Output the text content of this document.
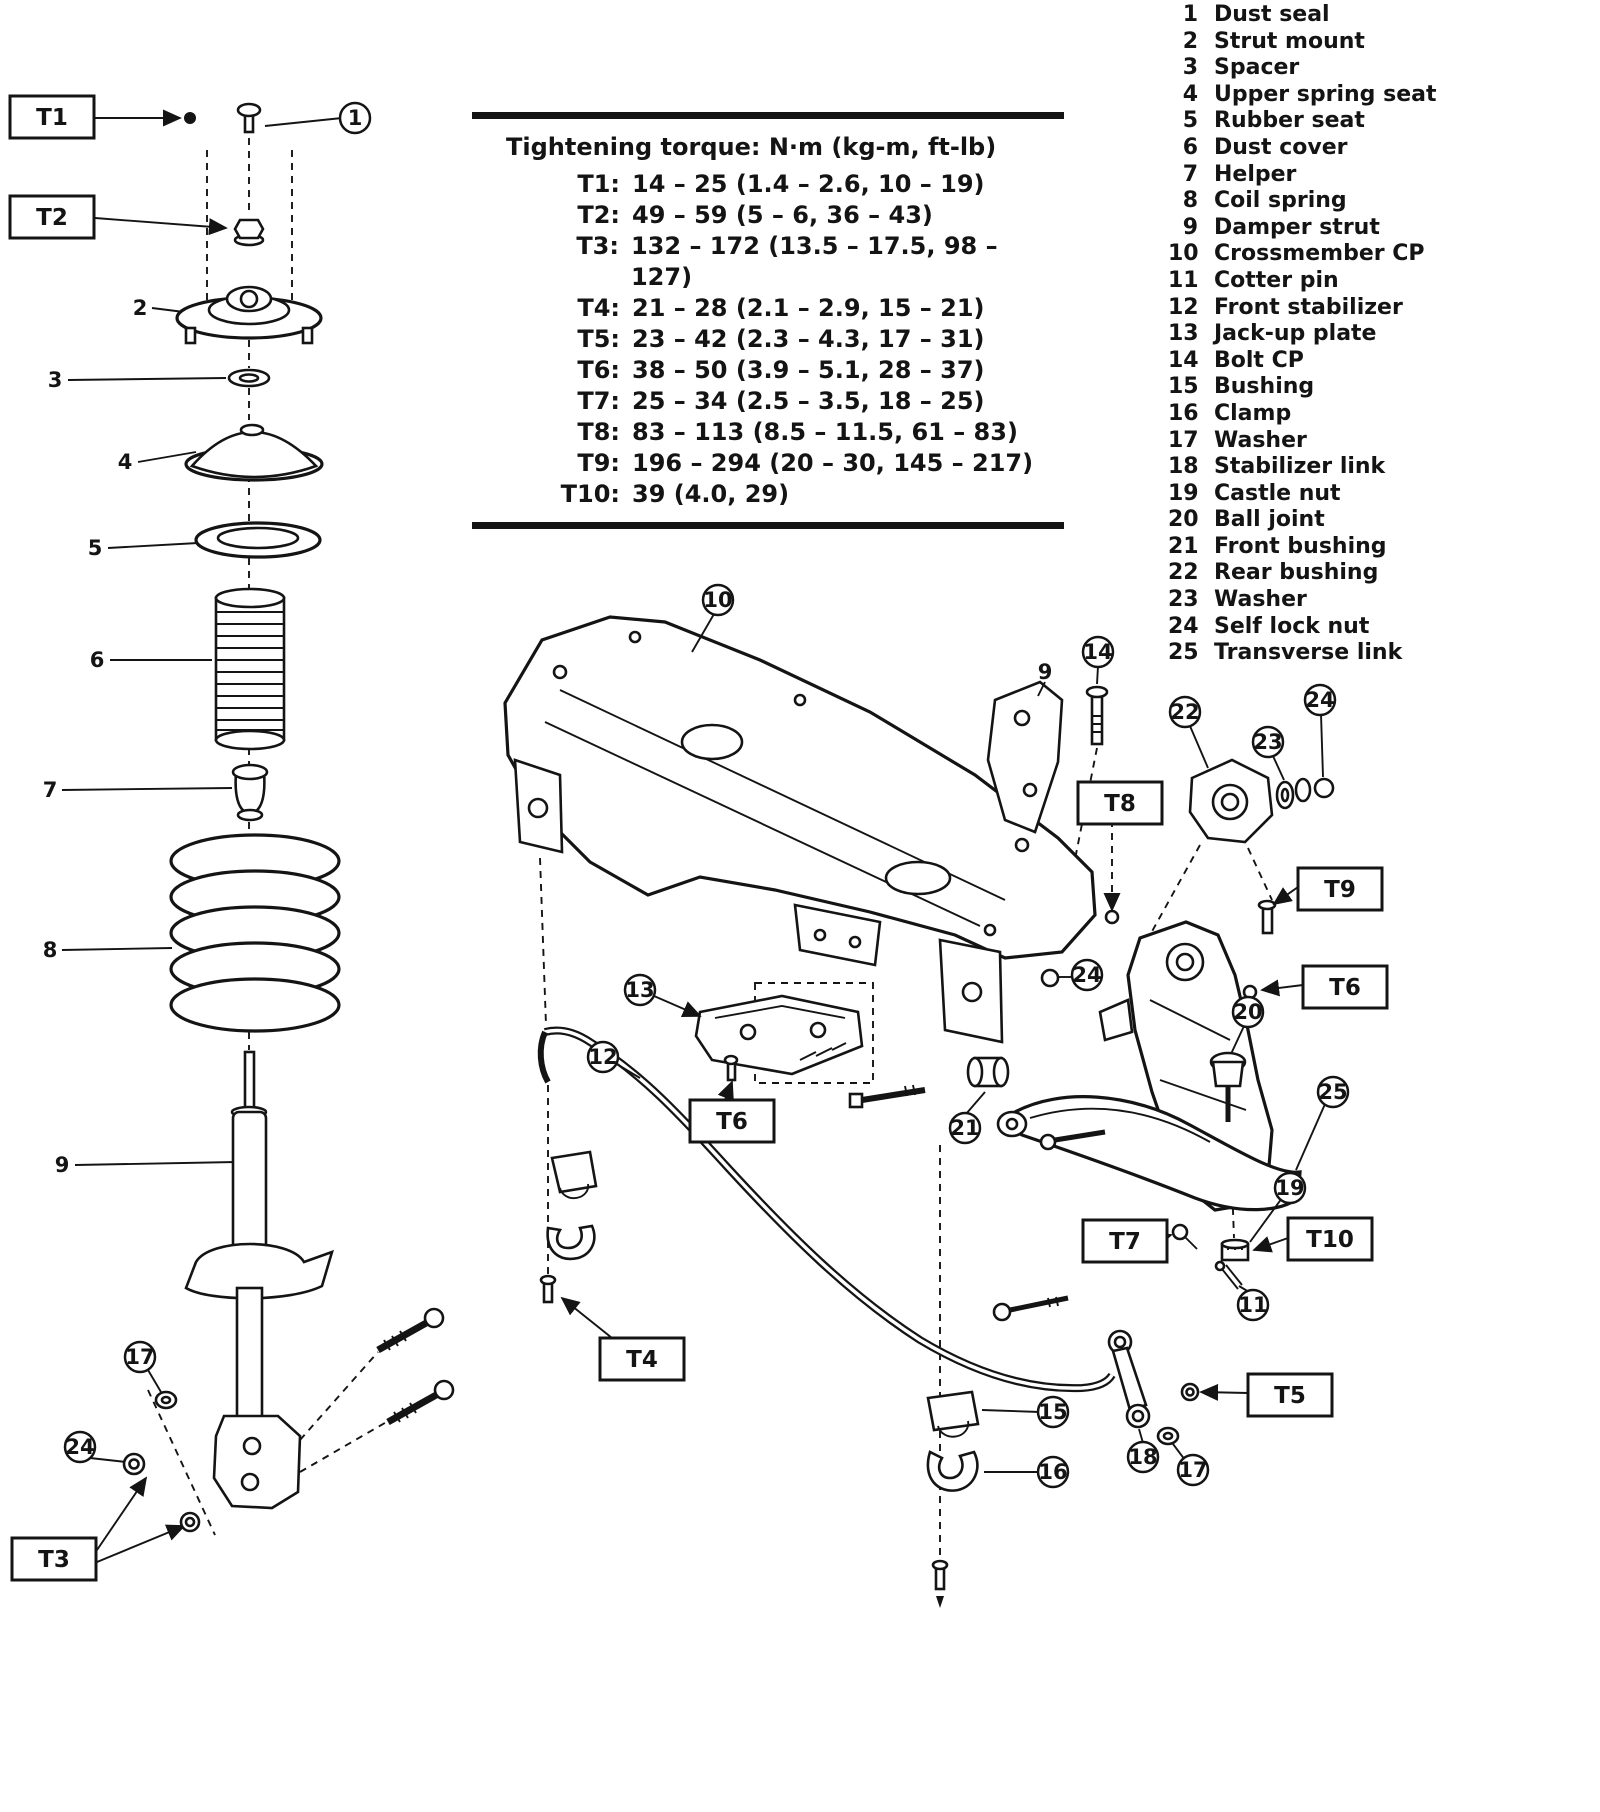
T1
T2
T3
T8
T9
T6
T6
T4
T7	T10
T5
1
2
3
4
5
6
7
8
9
17
24
10
14
9
22
23
24
24
13
12
21
20
25
19
11
15
16
18
17
Tightening torque: N·m (kg-m, ft-lb)
T1: 14 – 25 (1.4 – 2.6, 10 – 19)
T2: 49 – 59 (5 – 6, 36 – 43)
T3: 132 – 172 (13.5 – 17.5, 98 – 127)
T4: 21 – 28 (2.1 – 2.9, 15 – 21)
T5: 23 – 42 (2.3 – 4.3, 17 – 31)
T6: 38 – 50 (3.9 – 5.1, 28 – 37)
T7: 25 – 34 (2.5 – 3.5, 18 – 25)
T8: 83 – 113 (8.5 – 11.5, 61 – 83)
T9: 196 – 294 (20 – 30, 145 – 217)
T10: 39 (4.0, 29)
1 Dust seal
2 Strut mount
3 Spacer
4 Upper spring seat
5 Rubber seat
6 Dust cover
7 Helper
8 Coil spring
9 Damper strut
10 Crossmember CP
11 Cotter pin
12 Front stabilizer
13 Jack-up plate
14 Bolt CP
15 Bushing
16 Clamp
17 Washer
18 Stabilizer link
19 Castle nut
20 Ball joint
21 Front bushing
22 Rear bushing
23 Washer
24 Self lock nut
25 Transverse link
